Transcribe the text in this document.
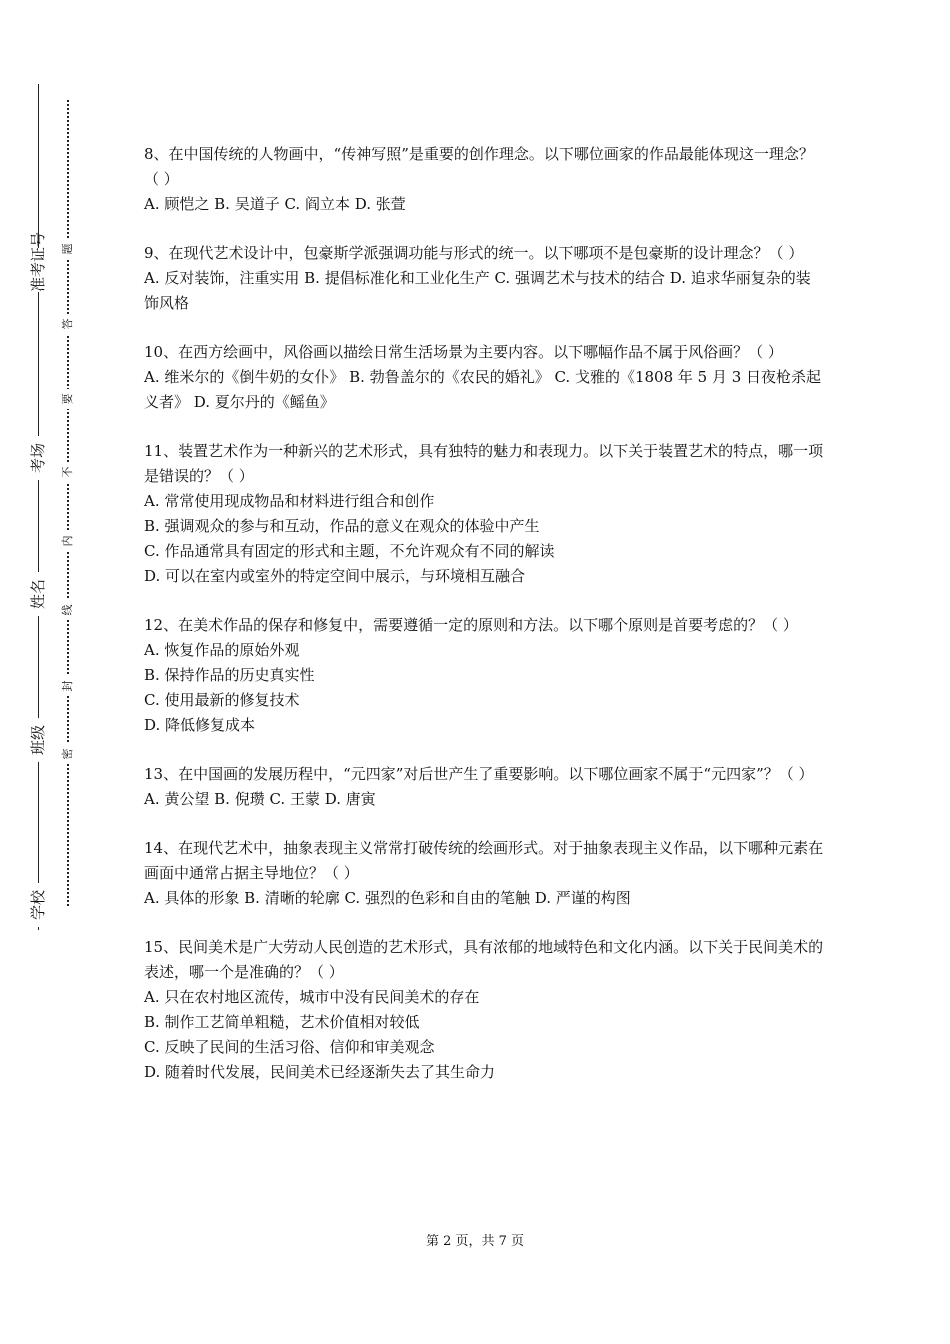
准考证号
考场
姓名
班级
学校
题
答
要
不
内
线
封
密

8、在中国传统的人物画中，“传神写照”是重要的创作理念。以下哪位画家的作品最能体现这一理念？（ ）

A. 顾恺之 B. 吴道子 C. 阎立本 D. 张萱

9、在现代艺术设计中，包豪斯学派强调功能与形式的统一。以下哪项不是包豪斯的设计理念？（ ）

A. 反对装饰，注重实用 B. 提倡标准化和工业化生产 C. 强调艺术与技术的结合 D. 追求华丽复杂的装饰风格

10、在西方绘画中，风俗画以描绘日常生活场景为主要内容。以下哪幅作品不属于风俗画？（ ）

A. 维米尔的《倒牛奶的女仆》 B. 勃鲁盖尔的《农民的婚礼》 C. 戈雅的《1808 年 5 月 3 日夜枪杀起义者》 D. 夏尔丹的《鳐鱼》

11、装置艺术作为一种新兴的艺术形式，具有独特的魅力和表现力。以下关于装置艺术的特点，哪一项是错误的？（ ）

A. 常常使用现成物品和材料进行组合和创作

B. 强调观众的参与和互动，作品的意义在观众的体验中产生

C. 作品通常具有固定的形式和主题，不允许观众有不同的解读

D. 可以在室内或室外的特定空间中展示，与环境相互融合

12、在美术作品的保存和修复中，需要遵循一定的原则和方法。以下哪个原则是首要考虑的？（ ）

A. 恢复作品的原始外观

B. 保持作品的历史真实性

C. 使用最新的修复技术

D. 降低修复成本

13、在中国画的发展历程中，“元四家”对后世产生了重要影响。以下哪位画家不属于“元四家”？（ ）

A. 黄公望 B. 倪瓒 C. 王蒙 D. 唐寅

14、在现代艺术中，抽象表现主义常常打破传统的绘画形式。对于抽象表现主义作品，以下哪种元素在画面中通常占据主导地位？（ ）

A. 具体的形象 B. 清晰的轮廓 C. 强烈的色彩和自由的笔触 D. 严谨的构图

15、民间美术是广大劳动人民创造的艺术形式，具有浓郁的地域特色和文化内涵。以下关于民间美术的表述，哪一个是准确的？（ ）

A. 只在农村地区流传，城市中没有民间美术的存在

B. 制作工艺简单粗糙，艺术价值相对较低

C. 反映了民间的生活习俗、信仰和审美观念

D. 随着时代发展，民间美术已经逐渐失去了其生命力

第 2 页，共 7 页
